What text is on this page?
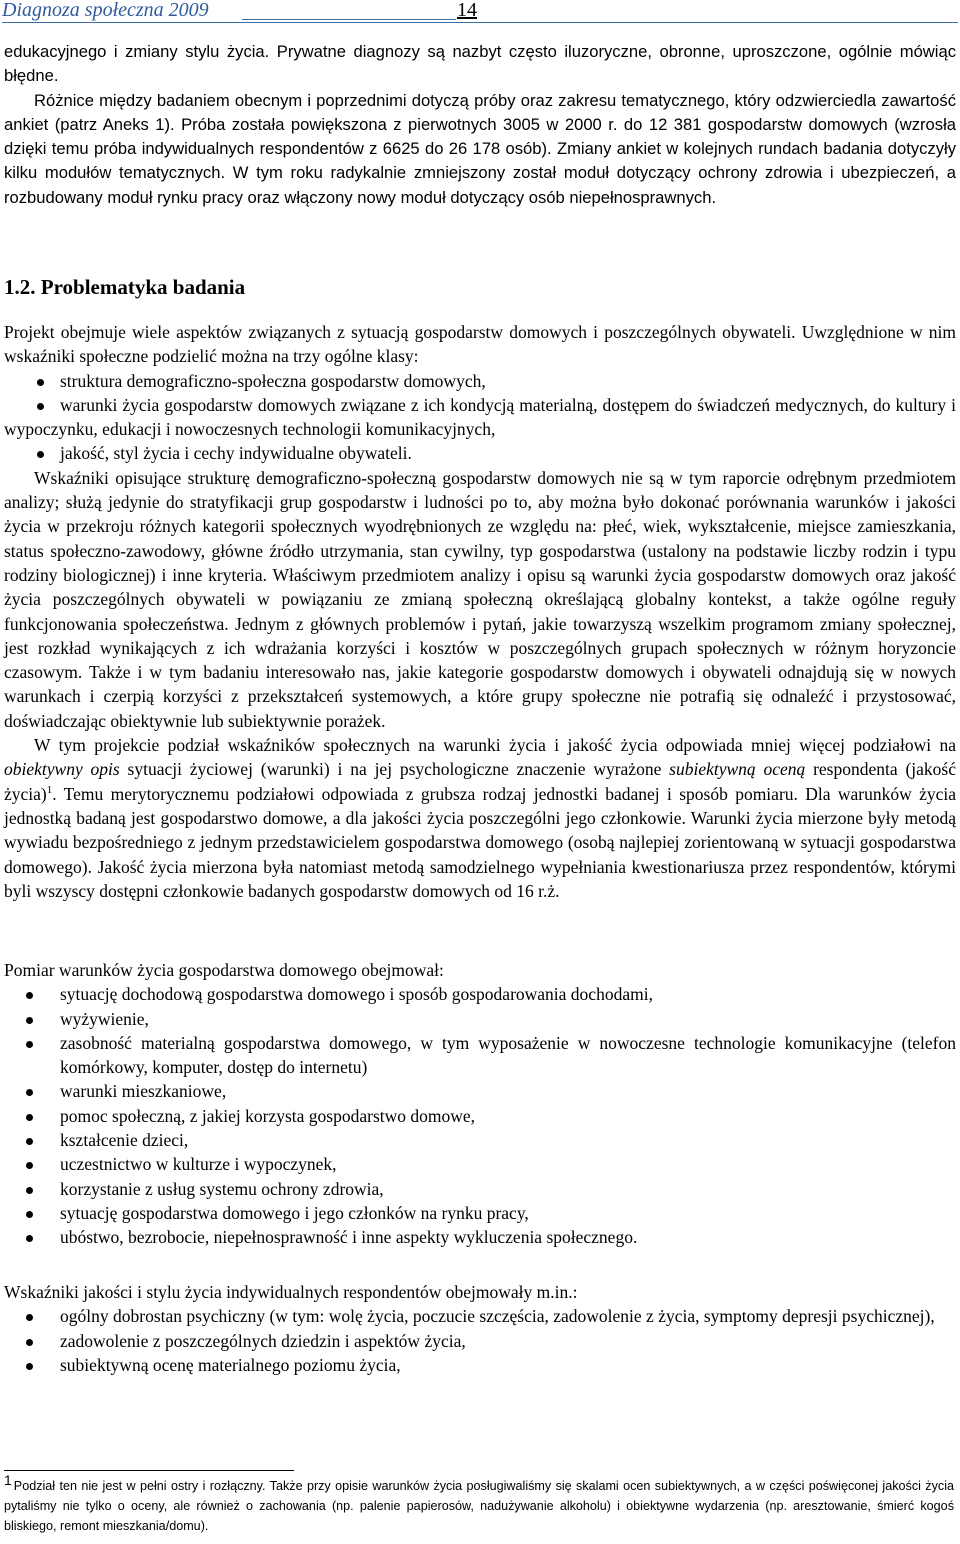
Diagnoza społeczna 2009	14

edukacyjnego i zmiany stylu życia. Prywatne diagnozy są nazbyt często iluzoryczne, obronne, uproszczone, ogólnie mówiąc błędne.

Różnice między badaniem obecnym i poprzednimi dotyczą próby oraz zakresu tematycznego, który odzwierciedla zawartość ankiet (patrz Aneks 1). Próba została powiększona z pierwotnych 3005 w 2000 r. do 12 381 gospodarstw domowych (wzrosła dzięki temu próba indywidualnych respondentów z 6625 do 26 178 osób). Zmiany ankiet w kolejnych rundach badania dotyczyły kilku modułów tematycznych. W tym roku radykalnie zmniejszony został moduł dotyczący ochrony zdrowia i ubezpieczeń, a rozbudowany moduł rynku pracy oraz włączony nowy moduł dotyczący osób niepełnosprawnych.

1.2. Problematyka badania

Projekt obejmuje wiele aspektów związanych z sytuacją gospodarstw domowych i poszczególnych obywateli. Uwzględnione w nim wskaźniki społeczne podzielić można na trzy ogólne klasy:

struktura demograficzno-społeczna gospodarstw domowych,
warunki życia gospodarstw domowych związane z ich kondycją materialną, dostępem do świadczeń medycznych, do kultury i wypoczynku, edukacji i nowoczesnych technologii komunikacyjnych,
jakość, styl życia i cechy indywidualne obywateli.

Wskaźniki opisujące strukturę demograficzno-społeczną gospodarstw domowych nie są w tym raporcie odrębnym przedmiotem analizy; służą jedynie do stratyfikacji grup gospodarstw i ludności po to, aby można było dokonać porównania warunków i jakości życia w przekroju różnych kategorii społecznych wyodrębnionych ze względu na: płeć, wiek, wykształcenie, miejsce zamieszkania, status społeczno-zawodowy, główne źródło utrzymania, stan cywilny, typ gospodarstwa (ustalony na podstawie liczby rodzin i typu rodziny biologicznej) i inne kryteria. Właściwym przedmiotem analizy i opisu są warunki życia gospodarstw domowych oraz jakość życia poszczególnych obywateli w powiązaniu ze zmianą społeczną określającą globalny kontekst, a także ogólne reguły funkcjonowania społeczeństwa. Jednym z głównych problemów i pytań, jakie towarzyszą wszelkim programom zmiany społecznej, jest rozkład wynikających z ich wdrażania korzyści i kosztów w poszczególnych grupach społecznych w różnym horyzoncie czasowym. Także i w tym badaniu interesowało nas, jakie kategorie gospodarstw domowych i obywateli odnajdują się w nowych warunkach i czerpią korzyści z przekształceń systemowych, a które grupy społeczne nie potrafią się odnaleźć i przystosować, doświadczając obiektywnie lub subiektywnie porażek.

W tym projekcie podział wskaźników społecznych na warunki życia i jakość życia odpowiada mniej więcej podziałowi na obiektywny opis sytuacji życiowej (warunki) i na jej psychologiczne znaczenie wyrażone subiektywną oceną respondenta (jakość życia)$^1$. Temu merytorycznemu podziałowi odpowiada z grubsza rodzaj jednostki badanej i sposób pomiaru. Dla warunków życia jednostką badaną jest gospodarstwo domowe, a dla jakości życia poszczególni jego członkowie. Warunki życia mierzone były metodą wywiadu bezpośredniego z jednym przedstawicielem gospodarstwa domowego (osobą najlepiej zorientowaną w sytuacji gospodarstwa domowego). Jakość życia mierzona była natomiast metodą samodzielnego wypełniania kwestionariusza przez respondentów, którymi byli wszyscy dostępni członkowie badanych gospodarstw domowych od 16 r.ż.

Pomiar warunków życia gospodarstwa domowego obejmował:

sytuację dochodową gospodarstwa domowego i sposób gospodarowania dochodami,
wyżywienie,
zasobność materialną gospodarstwa domowego, w tym wyposażenie w nowoczesne technologie komunikacyjne (telefon komórkowy, komputer, dostęp do internetu)
warunki mieszkaniowe,
pomoc społeczną, z jakiej korzysta gospodarstwo domowe,
kształcenie dzieci,
uczestnictwo w kulturze i wypoczynek,
korzystanie z usług systemu ochrony zdrowia,
sytuację gospodarstwa domowego i jego członków na rynku pracy,
ubóstwo, bezrobocie, niepełnosprawność i inne aspekty wykluczenia społecznego.

Wskaźniki jakości i stylu życia indywidualnych respondentów obejmowały m.in.:

ogólny dobrostan psychiczny (w tym: wolę życia, poczucie szczęścia, zadowolenie z życia, symptomy depresji psychicznej),
zadowolenie z poszczególnych dziedzin i aspektów życia,
subiektywną ocenę materialnego poziomu życia,
1 Podział ten nie jest w pełni ostry i rozłączny. Także przy opisie warunków życia posługiwaliśmy się skalami ocen subiektywnych, a w części poświęconej jakości życia pytaliśmy nie tylko o oceny, ale również o zachowania (np. palenie papierosów, nadużywanie alkoholu) i obiektywne wydarzenia (np. aresztowanie, śmierć kogoś bliskiego, remont mieszkania/domu).
